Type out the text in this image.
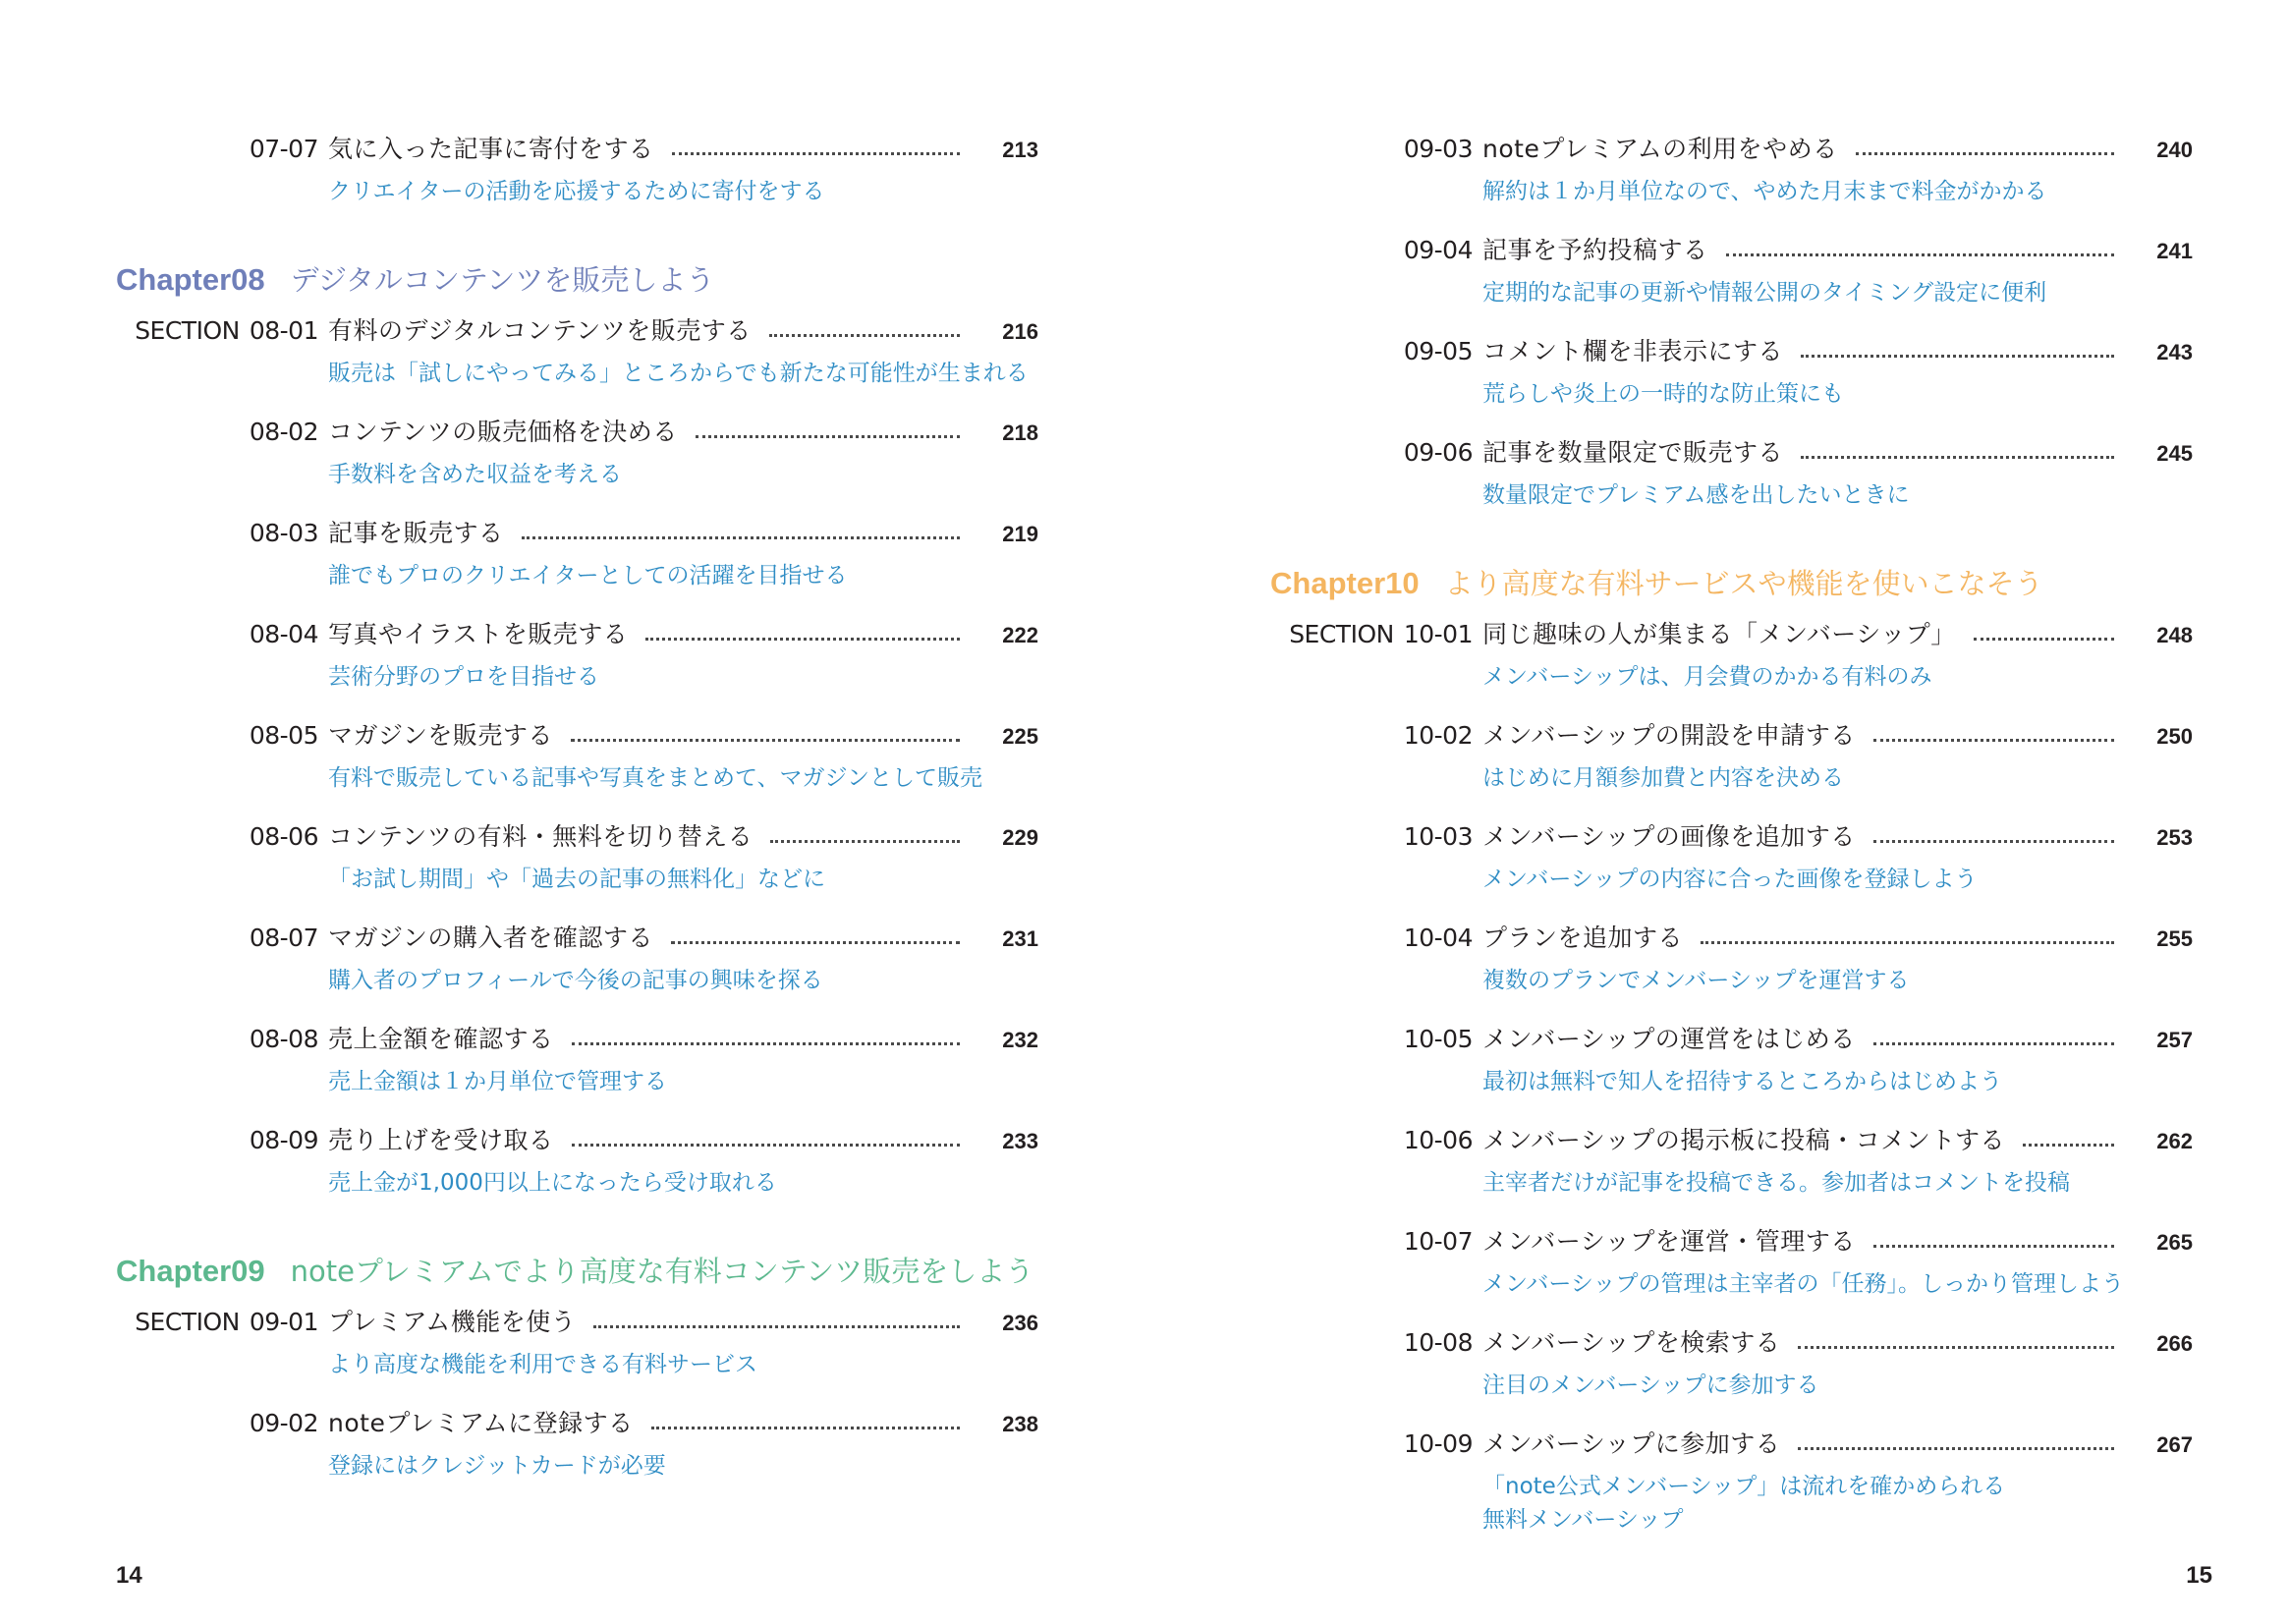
07-07 気に入った記事に寄付をする	213
クリエイターの活動を応援するために寄付をする
Chapter08 デジタルコンテンツを販売しよう
SECTION 08-01 有料のデジタルコンテンツを販売する	216
販売は「試しにやってみる」ところからでも新たな可能性が生まれる
08-02 コンテンツの販売価格を決める	218
手数料を含めた収益を考える
08-03 記事を販売する	219
誰でもプロのクリエイターとしての活躍を目指せる
08-04 写真やイラストを販売する	222
芸術分野のプロを目指せる
08-05 マガジンを販売する	225
有料で販売している記事や写真をまとめて、マガジンとして販売
08-06 コンテンツの有料・無料を切り替える	229
「お試し期間」や「過去の記事の無料化」などに
08-07 マガジンの購入者を確認する	231
購入者のプロフィールで今後の記事の興味を探る
08-08 売上金額を確認する	232
売上金額は１か月単位で管理する
08-09 売り上げを受け取る	233
売上金が1,000円以上になったら受け取れる
Chapter09 noteプレミアムでより高度な有料コンテンツ販売をしよう
SECTION 09-01 プレミアム機能を使う	236
より高度な機能を利用できる有料サービス
09-02 noteプレミアムに登録する	238
登録にはクレジットカードが必要
14
09-03 noteプレミアムの利用をやめる	240
解約は１か月単位なので、やめた月末まで料金がかかる
09-04 記事を予約投稿する	241
定期的な記事の更新や情報公開のタイミング設定に便利
09-05 コメント欄を非表示にする	243
荒らしや炎上の一時的な防止策にも
09-06 記事を数量限定で販売する	245
数量限定でプレミアム感を出したいときに
Chapter10 より高度な有料サービスや機能を使いこなそう
SECTION 10-01 同じ趣味の人が集まる「メンバーシップ」	248
メンバーシップは、月会費のかかる有料のみ
10-02 メンバーシップの開設を申請する	250
はじめに月額参加費と内容を決める
10-03 メンバーシップの画像を追加する	253
メンバーシップの内容に合った画像を登録しよう
10-04 プランを追加する	255
複数のプランでメンバーシップを運営する
10-05 メンバーシップの運営をはじめる	257
最初は無料で知人を招待するところからはじめよう
10-06 メンバーシップの掲示板に投稿・コメントする	262
主宰者だけが記事を投稿できる。参加者はコメントを投稿
10-07 メンバーシップを運営・管理する	265
メンバーシップの管理は主宰者の「任務」。しっかり管理しよう
10-08 メンバーシップを検索する	266
注目のメンバーシップに参加する
10-09 メンバーシップに参加する	267
「note公式メンバーシップ」は流れを確かめられる
無料メンバーシップ
15
